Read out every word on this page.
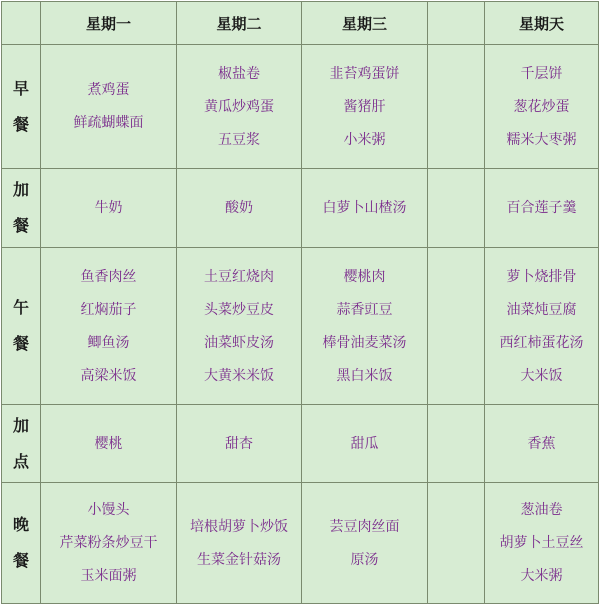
	星期一	星期二	星期三		星期天

早
餐	煮鸡蛋
鲜疏蝴蝶面	椒盐卷
黄瓜炒鸡蛋
五豆浆	韭苔鸡蛋饼
酱猪肝
小米粥		千层饼
葱花炒蛋
糯米大枣粥

加
餐	牛奶	酸奶	白萝卜山楂汤		百合莲子羹

午
餐	鱼香肉丝
红焖茄子
鲫鱼汤
高梁米饭	土豆红烧肉
头菜炒豆皮
油菜虾皮汤
大黄米米饭	樱桃肉
蒜香豇豆
棒骨油麦菜汤
黑白米饭		萝卜烧排骨
油菜炖豆腐
西红柿蛋花汤
大米饭

加
点	樱桃	甜杏	甜瓜		香蕉

晚
餐	小馒头
芹菜粉条炒豆干
玉米面粥	培根胡萝卜炒饭
生菜金针菇汤	芸豆肉丝面
原汤		葱油卷
胡萝卜土豆丝
大米粥
